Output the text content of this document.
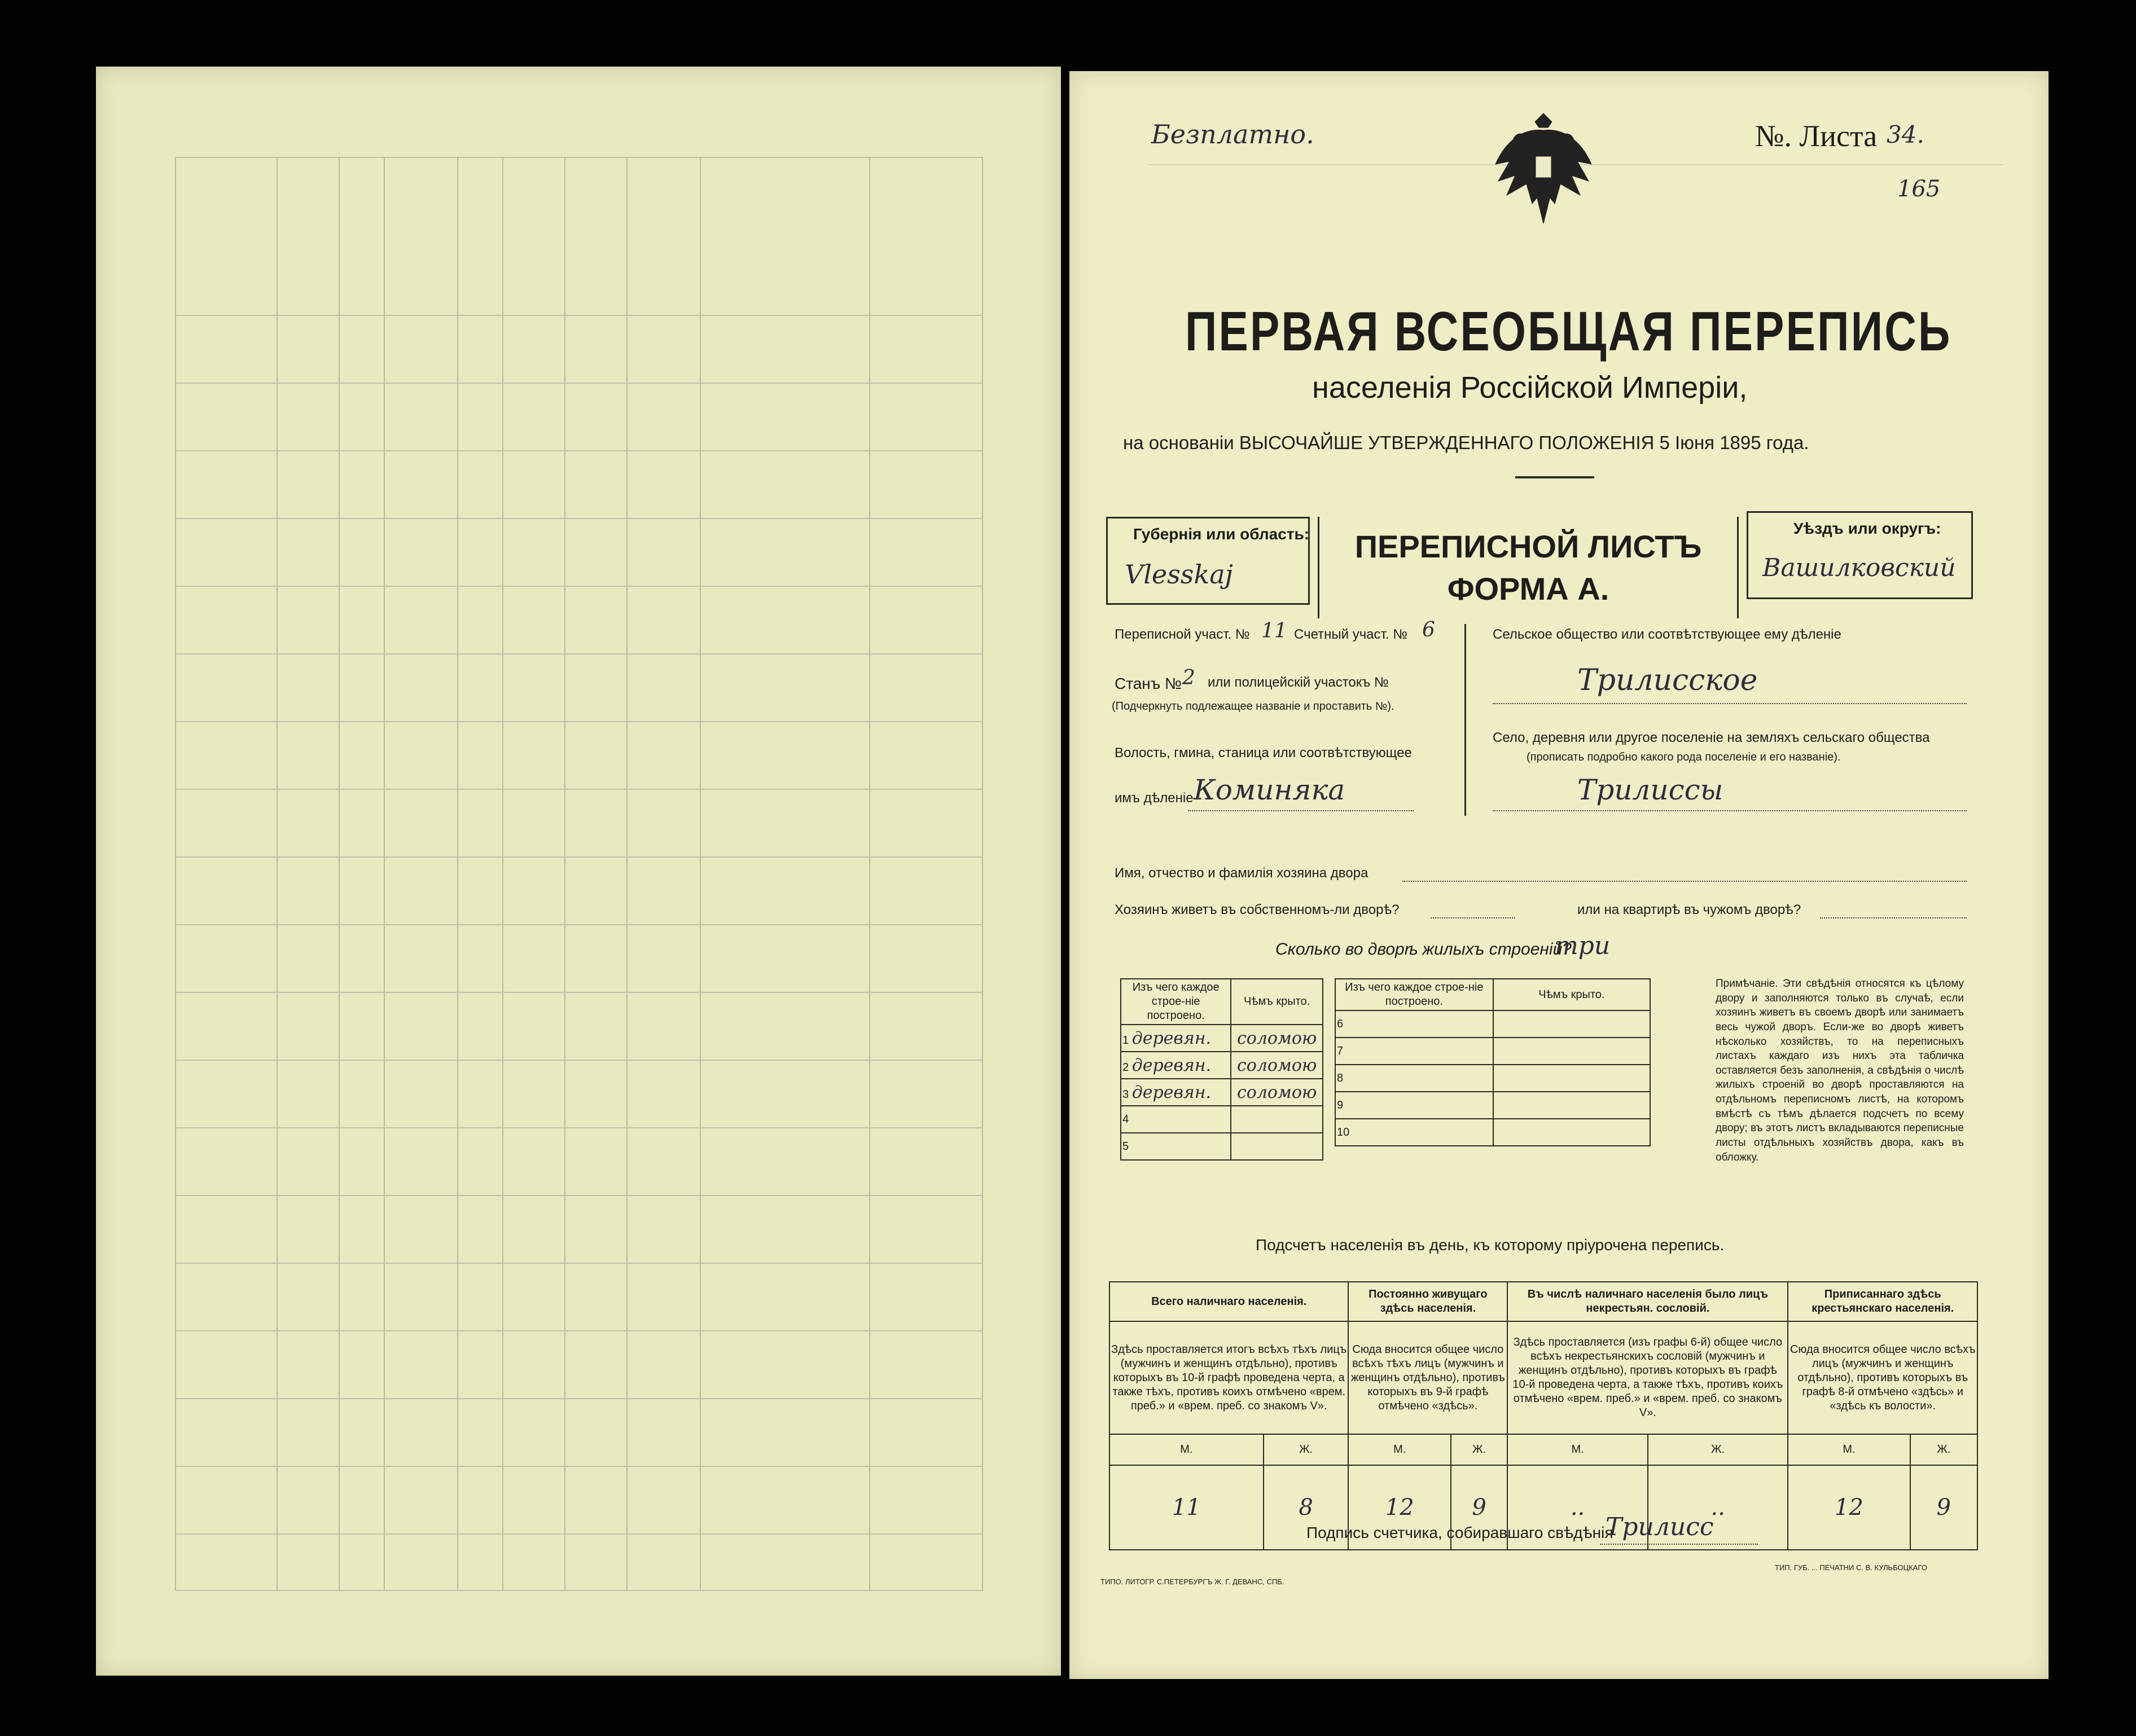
Безплатно.	№. Листа 34.
165
ПЕРВАЯ ВСЕОБЩАЯ ПЕРЕПИСЬ
населенія Россійской Имперіи,
на основаніи ВЫСОЧАЙШЕ УТВЕРЖДЕННАГО ПОЛОЖЕНІЯ 5 Іюня 1895 года.
Губернія или область:
Vlesskaj
ПЕРЕПИСНОЙ ЛИСТЪ
ФОРМА А.
Уѣздъ или округъ:
Вашилковский
Переписной участ. № 11 Счетный участ. № 6
Станъ № 2 или полицейскій участокъ №
(Подчеркнуть подлежащее названіе и проставить №).
Волость, гмина, станица или соотвѣтствующее
имъ дѣленіе Коминяка
Сельское общество или соотвѣтствующее ему дѣленіе
Трилисское
Село, деревня или другое поселеніе на земляхъ сельскаго общества
(прописать подробно какого рода поселеніе и его названіе).
Трилиссы
Имя, отчество и фамилія хозяина двора
Хозяинъ живетъ въ собственномъ-ли дворѣ?	или на квартирѣ въ чужомъ дворѣ?
Сколько во дворѣ жилыхъ строеній?
три
Изъ чего каждое строе-ніе построено.	Чѣмъ крыто.
1 деревян.	соломою
2 деревян.	соломою
3 деревян.	соломою
4	
5	
Изъ чего каждое строе-ніе построено.	Чѣмъ крыто.
6	
7	
8	
9	
10	
Примѣчаніе. Эти свѣдѣнія относятся къ цѣлому двору и заполняются только въ случаѣ, если хозяинъ живетъ въ своемъ дворѣ или занимаетъ весь чужой дворъ. Если-же во дворѣ живетъ нѣсколько хозяйствъ, то на переписныхъ листахъ каждаго изъ нихъ эта табличка оставляется безъ заполненія, а свѣдѣнія о числѣ жилыхъ строеній во дворѣ проставляются на отдѣльномъ переписномъ листѣ, на которомъ вмѣстѣ съ тѣмъ дѣлается подсчетъ по всему двору; въ этотъ листъ вкладываются переписные листы отдѣльныхъ хозяйствъ двора, какъ въ обложку.
Подсчетъ населенія въ день, къ которому пріурочена перепись.
Всего наличнаго населенія.		Постоянно живущаго здѣсь населенія.		Въ числѣ наличнаго населенія было лицъ некрестьян. сословій.		Приписаннаго здѣсь крестьянскаго населенія.	
Здѣсь проставляется итогъ всѣхъ тѣхъ лицъ (мужчинъ и женщинъ отдѣльно), противъ которыхъ въ 10-й графѣ проведена черта, а также тѣхъ, противъ коихъ отмѣчено «врем. преб.» и «врем. преб. со знакомъ V».		Сюда вносится общее число всѣхъ тѣхъ лицъ (мужчинъ и женщинъ отдѣльно), противъ которыхъ въ 9-й графѣ отмѣчено «здѣсь».		Здѣсь проставляется (изъ графы 6-й) общее число всѣхъ некрестьянскихъ сословій (мужчинъ и женщинъ отдѣльно), противъ которыхъ въ графѣ 10-й проведена черта, а также тѣхъ, противъ коихъ отмѣчено «врем. преб.» и «врем. преб. со знакомъ V».		Сюда вносится общее число всѣхъ лицъ (мужчинъ и женщинъ отдѣльно), противъ которыхъ въ графѣ 8-й отмѣчено «здѣсь» и «здѣсь къ волости».	
М.	Ж.	М.	Ж.	М.	Ж.	М.	Ж.
11	8	12	9	..	..	12	9
Подпись счетчика, собиравшаго свѣдѣнія
Трилисс
ТИПО. ЛИТОГР. С.ПЕТЕРБУРГЪ Ж. Г. ДЕВАНС, СПБ.
ТИП. ГУБ. ... ПЕЧАТНИ С. В. КУЛЬБОЦКАГО
